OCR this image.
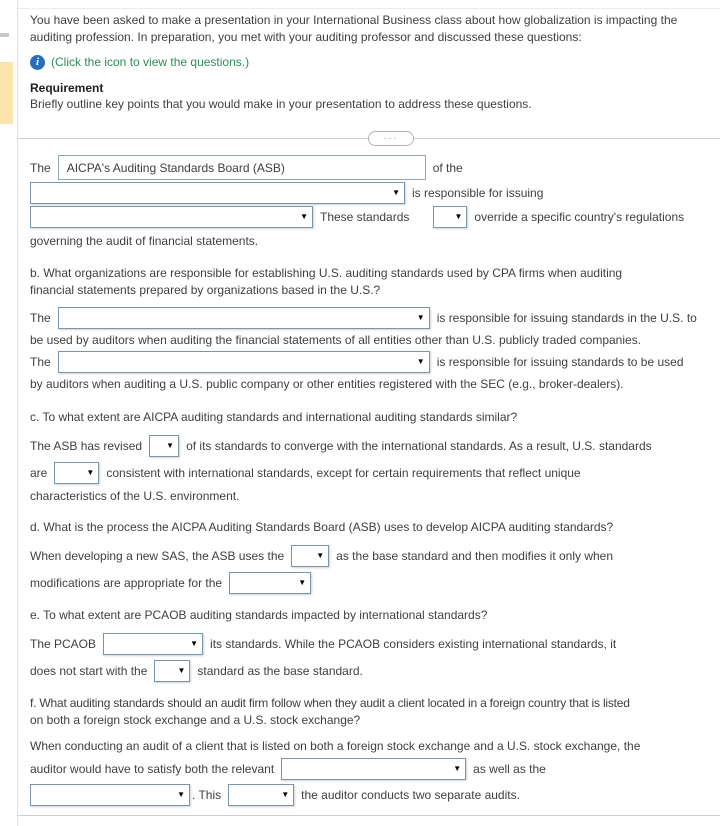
You have been asked to make a presentation in your International Business class about how globalization is impacting the
auditing profession. In preparation, you met with your auditing professor and discussed these questions:
i (Click the icon to view the questions.)
Requirement
Briefly outline key points that you would make in your presentation to address these questions.
···
The AICPA's Auditing Standards Board (ASB)	of the
▼	is responsible for issuing
▼	These standards	▼	override a specific country's regulations
governing the audit of financial statements.
b. What organizations are responsible for establishing U.S. auditing standards used by CPA firms when auditing
financial statements prepared by organizations based in the U.S.?
The	▼	is responsible for issuing standards in the U.S. to
be used by auditors when auditing the financial statements of all entities other than U.S. publicly traded companies.
The	▼	is responsible for issuing standards to be used
by auditors when auditing a U.S. public company or other entities registered with the SEC (e.g., broker-dealers).
c. To what extent are AICPA auditing standards and international auditing standards similar?
The ASB has revised	▼	of its standards to converge with the international standards. As a result, U.S. standards
are	▼	consistent with international standards, except for certain requirements that reflect unique
characteristics of the U.S. environment.
d. What is the process the AICPA Auditing Standards Board (ASB) uses to develop AICPA auditing standards?
When developing a new SAS, the ASB uses the	▼	as the base standard and then modifies it only when
modifications are appropriate for the	▼
e. To what extent are PCAOB auditing standards impacted by international standards?
The PCAOB	▼	its standards. While the PCAOB considers existing international standards, it
does not start with the	▼	standard as the base standard.
f. What auditing standards should an audit firm follow when they audit a client located in a foreign country that is listed
on both a foreign stock exchange and a U.S. stock exchange?
When conducting an audit of a client that is listed on both a foreign stock exchange and a U.S. stock exchange, the
auditor would have to satisfy both the relevant	▼	as well as the
▼ . This	▼	the auditor conducts two separate audits.
